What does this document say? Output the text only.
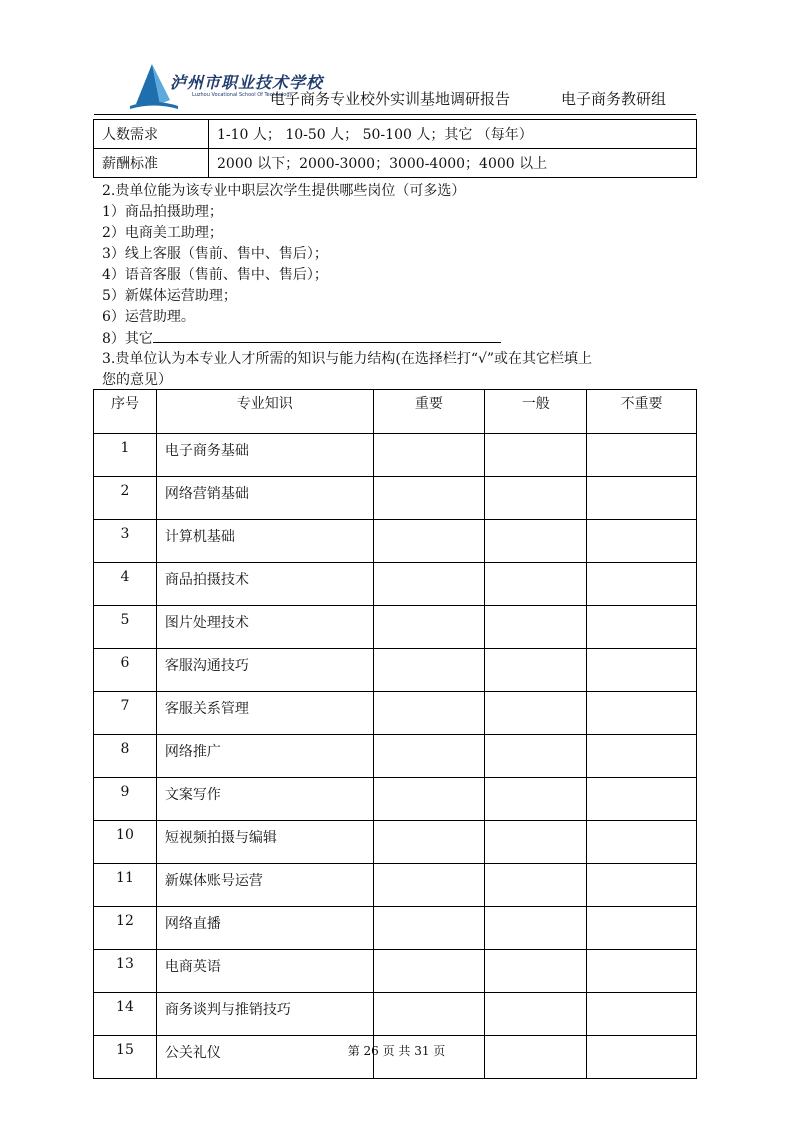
泸州市职业技术学校
Luzhou Vocational School Of Technology
电子商务专业校外实训基地调研报告	电子商务教研组
人数需求	1-10 人； 10-50 人； 50-100 人；其它 （每年）
薪酬标准	2000 以下；2000-3000；3000-4000；4000 以上
2.贵单位能为该专业中职层次学生提供哪些岗位（可多选）
1）商品拍摄助理；
2）电商美工助理；
3）线上客服（售前、售中、售后）；
4）语音客服（售前、售中、售后）；
5）新媒体运营助理；
6）运营助理。
8）其它
3.贵单位认为本专业人才所需的知识与能力结构(在选择栏打“√”或在其它栏填上
您的意见）
序号	专业知识	重要	一般	不重要
1	电子商务基础			
2	网络营销基础			
3	计算机基础			
4	商品拍摄技术			
5	图片处理技术			
6	客服沟通技巧			
7	客服关系管理			
8	网络推广			
9	文案写作			
10	短视频拍摄与编辑			
11	新媒体账号运营			
12	网络直播			
13	电商英语			
14	商务谈判与推销技巧			
15	公关礼仪				第 26 页 共 31 页
